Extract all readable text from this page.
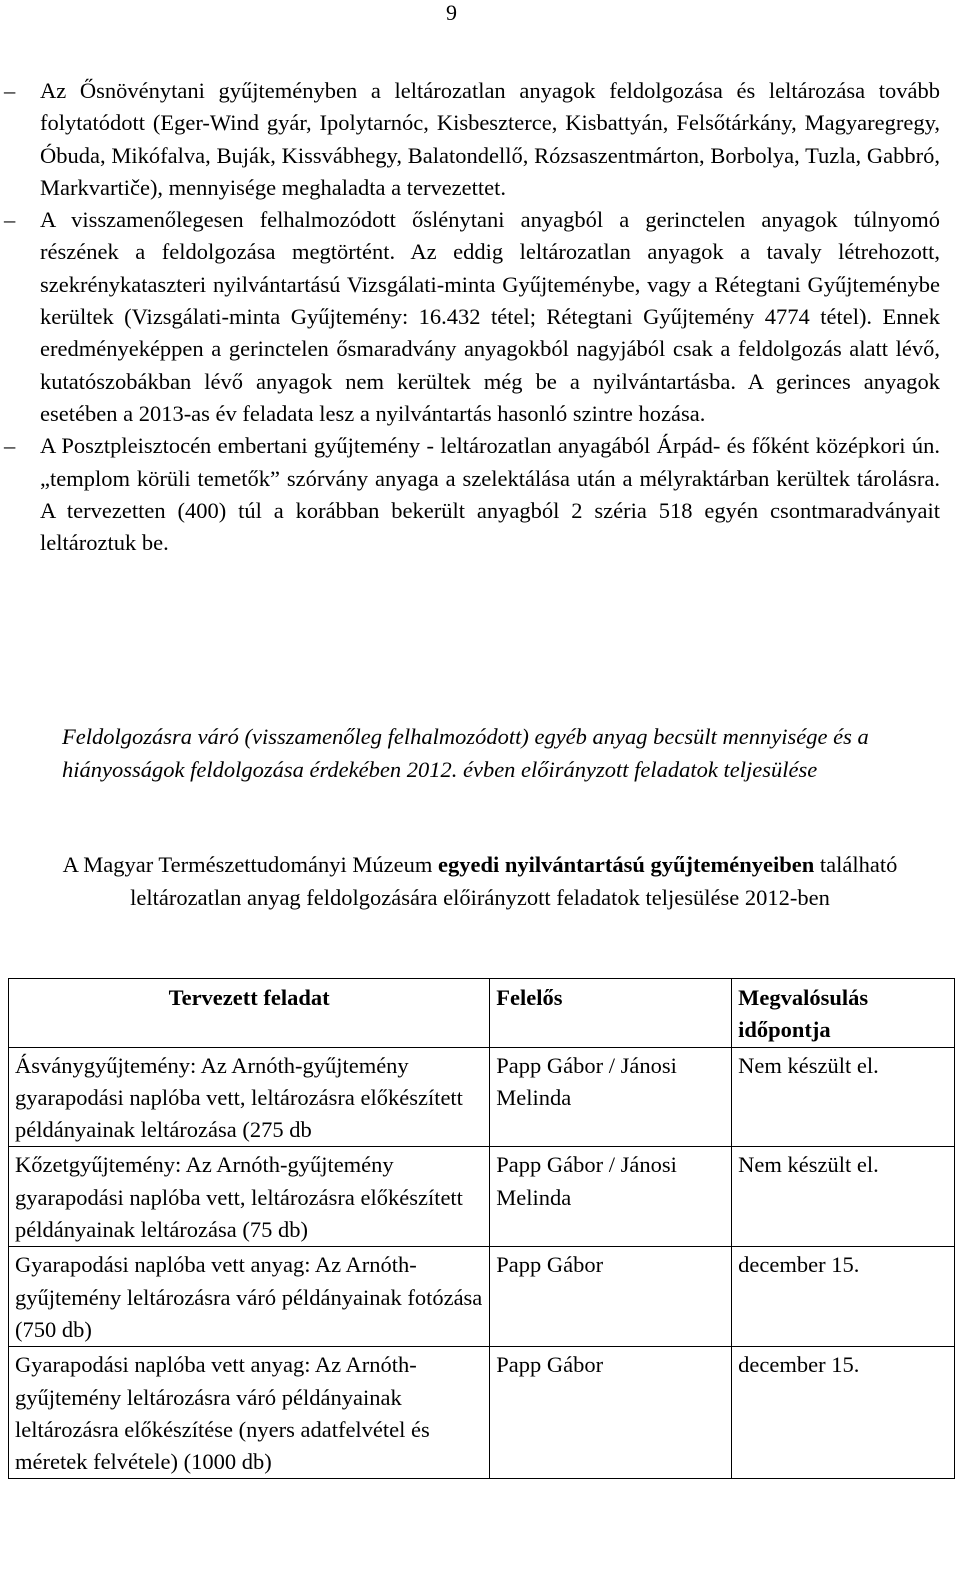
9
– Az Ősnövénytani gyűjteményben a leltározatlan anyagok feldolgozása és leltározása tovább folytatódott (Eger-Wind gyár, Ipolytarnóc, Kisbeszterce, Kisbattyán, Felsőtárkány, Magyaregregy, Óbuda, Mikófalva, Buják, Kissvábhegy, Balatondellő, Rózsaszentmárton, Borbolya, Tuzla, Gabbró, Markvartiče), mennyisége meghaladta a tervezettet.
– A visszamenőlegesen felhalmozódott őslénytani anyagból a gerinctelen anyagok túlnyomó részének a feldolgozása megtörtént. Az eddig leltározatlan anyagok a tavaly létrehozott, szekrénykataszteri nyilvántartású Vizsgálati-minta Gyűjteménybe, vagy a Rétegtani Gyűjteménybe kerültek (Vizsgálati-minta Gyűjtemény: 16.432 tétel; Rétegtani Gyűjtemény 4774 tétel). Ennek eredményeképpen a gerinctelen ősmaradvány anyagokból nagyjából csak a feldolgozás alatt lévő, kutatószobákban lévő anyagok nem kerültek még be a nyilvántartásba. A gerinces anyagok esetében a 2013-as év feladata lesz a nyilvántartás hasonló szintre hozása.
– A Posztpleisztocén embertani gyűjtemény - leltározatlan anyagából Árpád- és főként középkori ún. „templom körüli temetők” szórvány anyaga a szelektálása után a mélyraktárban kerültek tárolásra. A tervezetten (400) túl a korábban bekerült anyagból 2 széria 518 egyén csontmaradványait leltároztuk be.
Feldolgozásra váró (visszamenőleg felhalmozódott) egyéb anyag becsült mennyisége és a hiányosságok feldolgozása érdekében 2012. évben előirányzott feladatok teljesülése
A Magyar Természettudományi Múzeum egyedi nyilvántartású gyűjteményeiben található leltározatlan anyag feldolgozására előirányzott feladatok teljesülése 2012-ben
Tervezett feladat	Felelős	Megvalósulás időpontja
Ásványgyűjtemény: Az Arnóth-gyűjtemény gyarapodási naplóba vett, leltározásra előkészített példányainak leltározása (275 db	Papp Gábor / Jánosi Melinda	Nem készült el.
Kőzetgyűjtemény: Az Arnóth-gyűjtemény gyarapodási naplóba vett, leltározásra előkészített példányainak leltározása (75 db)	Papp Gábor / Jánosi Melinda	Nem készült el.
Gyarapodási naplóba vett anyag: Az Arnóth-gyűjtemény leltározásra váró példányainak fotózása (750 db)	Papp Gábor	december 15.
Gyarapodási naplóba vett anyag: Az Arnóth-gyűjtemény leltározásra váró példányainak leltározásra előkészítése (nyers adatfelvétel és méretek felvétele) (1000 db)	Papp Gábor	december 15.
